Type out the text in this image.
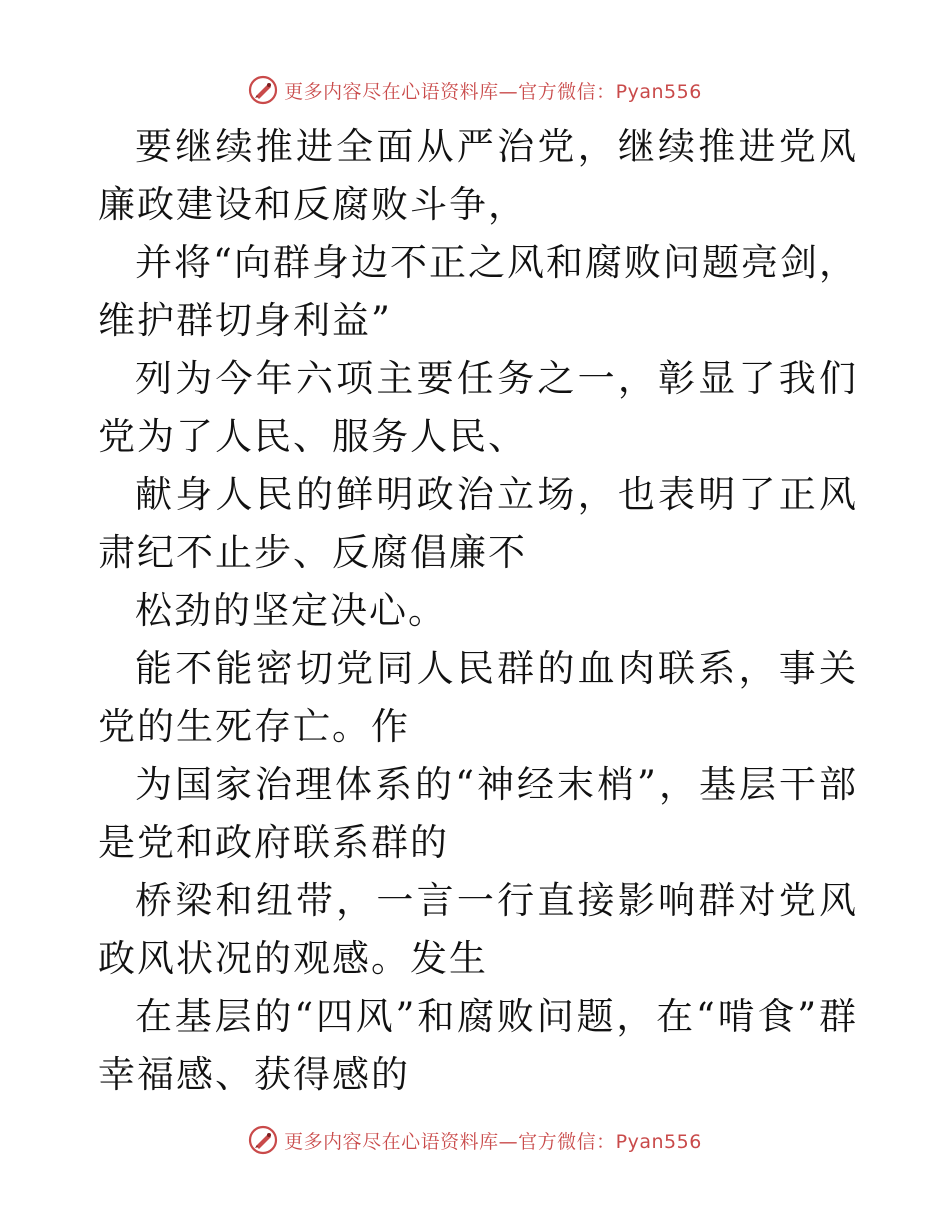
更多内容尽在心语资料库—官方微信：Pyan556

要继续推进全面从严治党，继续推进党风廉政建设和反腐败斗争，

并将“向群身边不正之风和腐败问题亮剑，维护群切身利益”

列为今年六项主要任务之一，彰显了我们党为了人民、服务人民、

献身人民的鲜明政治立场，也表明了正风肃纪不止步、反腐倡廉不

松劲的坚定决心。

能不能密切党同人民群的血肉联系，事关党的生死存亡。作

为国家治理体系的“神经末梢”，基层干部是党和政府联系群的

桥梁和纽带，一言一行直接影响群对党风政风状况的观感。发生

在基层的“四风”和腐败问题，在“啃食”群幸福感、获得感的

更多内容尽在心语资料库—官方微信：Pyan556
